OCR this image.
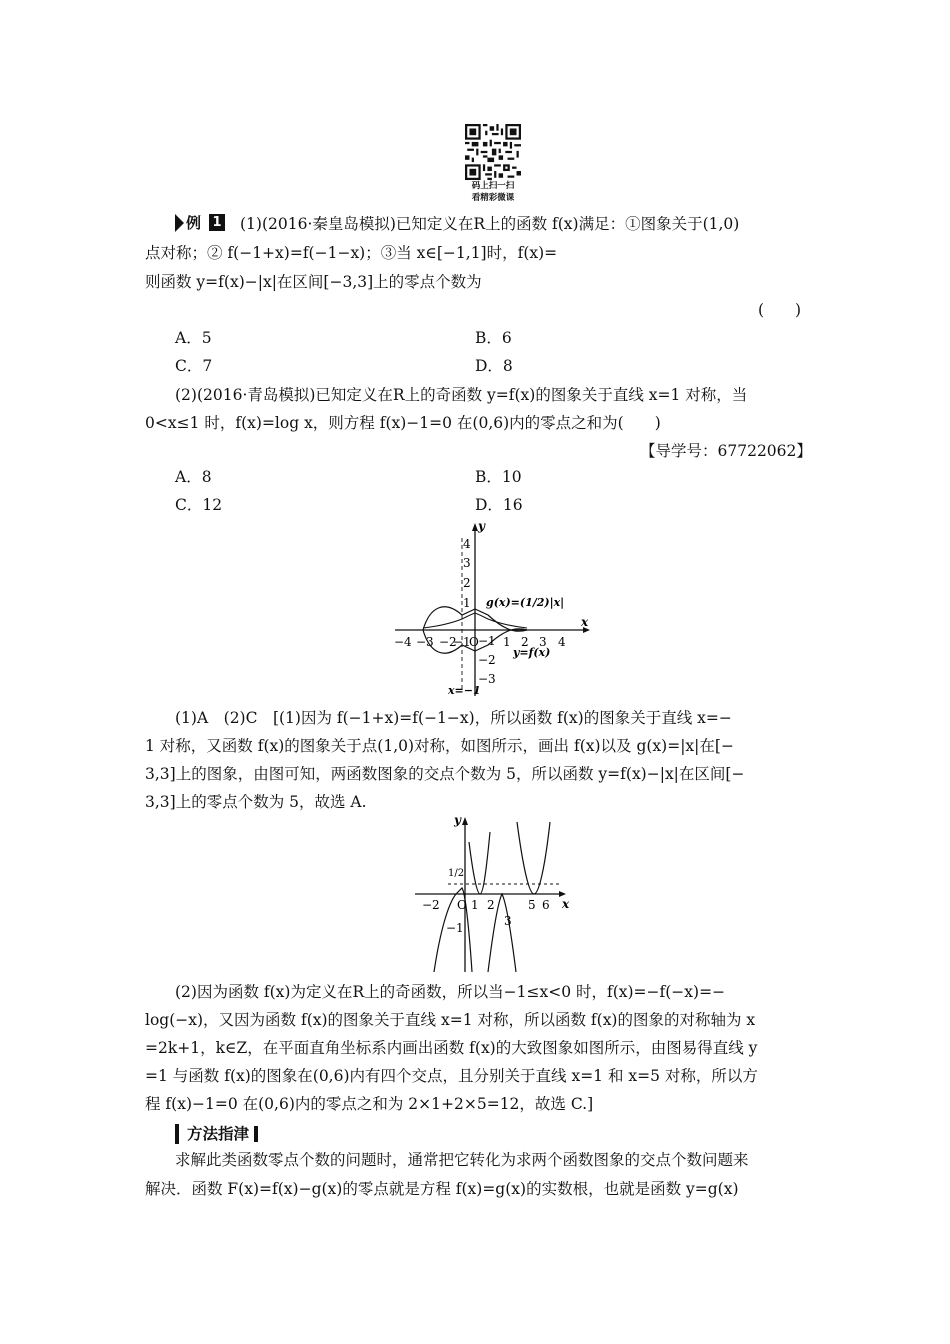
码上扫一扫
看精彩微课
例 1 (1)(2016·秦皇岛模拟)已知定义在R上的函数 f(x)满足：①图象关于(1,0)
点对称；② f(−1+x)=f(−1−x)；③当 x∈[−1,1]时，f(x)=
则函数 y=f(x)−|x|在区间[−3,3]上的零点个数为
(　　)
A．5	B．6
C．7	D．8
(2)(2016·青岛模拟)已知定义在R上的奇函数 y=f(x)的图象关于直线 x=1 对称，当
0<x≤1 时，f(x)=log x，则方程 f(x)−1=0 在(0,6)内的零点之和为(　　)
【导学号：67722062】
A．8	B．10
C．12	D．16
−4 −3 −2
−1
O 1 2 3 4
4
3
2
1
−1
−2
−3
y
x
g(x)=(1/2)|x|
y=f(x)
x=−1
(1)A　(2)C　[(1)因为 f(−1+x)=f(−1−x)，所以函数 f(x)的图象关于直线 x=−
1 对称，又函数 f(x)的图象关于点(1,0)对称，如图所示，画出 f(x)以及 g(x)=|x|在[−
3,3]上的图象，由图可知，两函数图象的交点个数为 5，所以函数 y=f(x)−|x|在区间[−
3,3]上的零点个数为 5，故选 A.
−2 O 1 2
3
5 6
1/2
−1
y
x
(2)因为函数 f(x)为定义在R上的奇函数，所以当−1≤x<0 时，f(x)=−f(−x)=−
log(−x)，又因为函数 f(x)的图象关于直线 x=1 对称，所以函数 f(x)的图象的对称轴为 x
=2k+1，k∈Z，在平面直角坐标系内画出函数 f(x)的大致图象如图所示，由图易得直线 y
=1 与函数 f(x)的图象在(0,6)内有四个交点，且分别关于直线 x=1 和 x=5 对称，所以方
程 f(x)−1=0 在(0,6)内的零点之和为 2×1+2×5=12，故选 C.]
方法指津
求解此类函数零点个数的问题时，通常把它转化为求两个函数图象的交点个数问题来
解决．函数 F(x)=f(x)−g(x)的零点就是方程 f(x)=g(x)的实数根，也就是函数 y=g(x)
